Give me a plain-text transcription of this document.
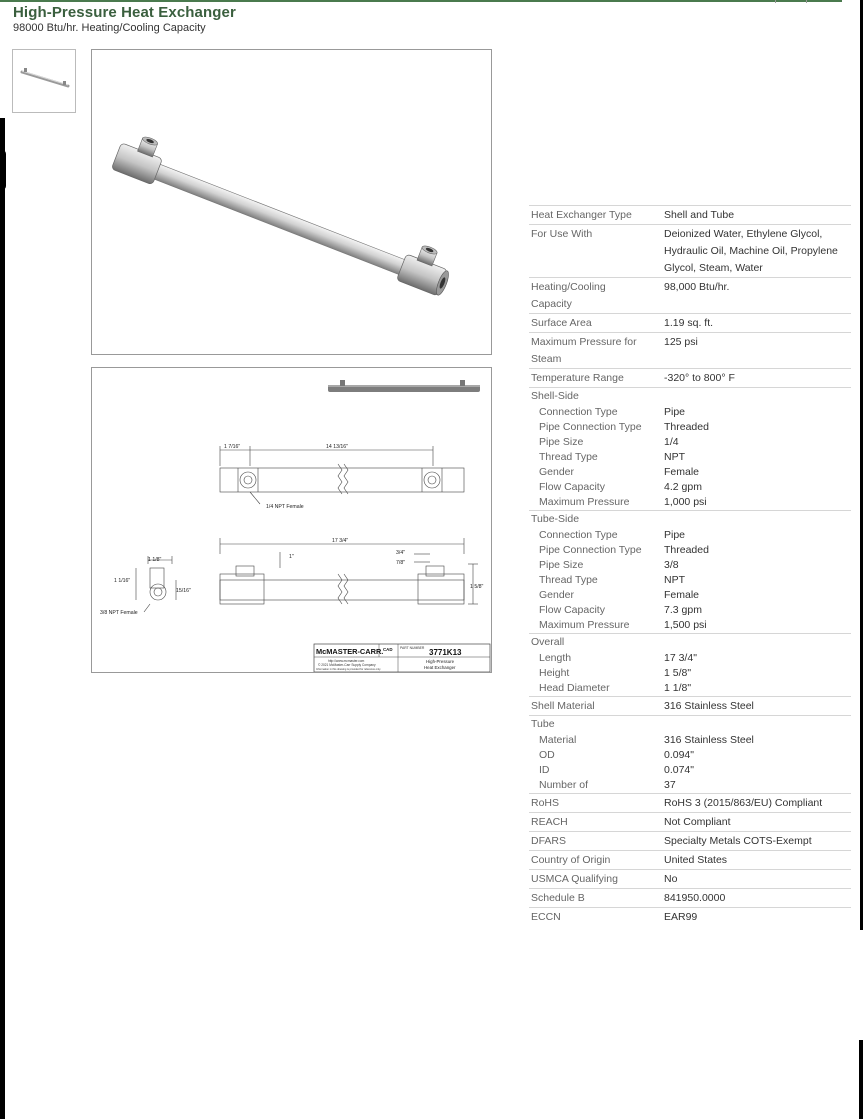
High-Pressure Heat Exchanger
98000 Btu/hr. Heating/Cooling Capacity
1 7/16"	14 13/16"
1/4 NPT Female
17 3/4"
1"
3/4"
7/8"
1 5/8"
1 1/8"
1 1/16"
15/16"
3/8 NPT Female
McMASTER-CARR. CAD PART NUMBER 3771K13
http://www.mcmaster.com
© 2021 McMaster-Carr Supply Company
Information in this drawing is provided for reference only.
High-Pressure
Heat Exchanger
Heat Exchanger Type	Shell and Tube
For Use With	Deionized Water, Ethylene Glycol,
Hydraulic Oil, Machine Oil, Propylene
Glycol, Steam, Water

Heating/Cooling
Capacity	98,000 Btu/hr.
Surface Area	1.19 sq. ft.

Maximum Pressure for
Steam	125 psi
Temperature Range	-320° to 800° F
Shell-Side	
Connection Type	Pipe
Pipe Connection Type	Threaded
Pipe Size	1/4
Thread Type	NPT
Gender	Female
Flow Capacity	4.2 gpm
Maximum Pressure	1,000 psi
Tube-Side	
Connection Type	Pipe
Pipe Connection Type	Threaded
Pipe Size	3/8
Thread Type	NPT
Gender	Female
Flow Capacity	7.3 gpm
Maximum Pressure	1,500 psi
Overall	
Length	17 3/4"
Height	1 5/8"
Head Diameter	1 1/8"
Shell Material	316 Stainless Steel
Tube	
Material	316 Stainless Steel
OD	0.094"
ID	0.074"
Number of	37
RoHS	RoHS 3 (2015/863/EU) Compliant
REACH	Not Compliant
DFARS	Specialty Metals COTS-Exempt
Country of Origin	United States
USMCA Qualifying	No
Schedule B	841950.0000
ECCN	EAR99
